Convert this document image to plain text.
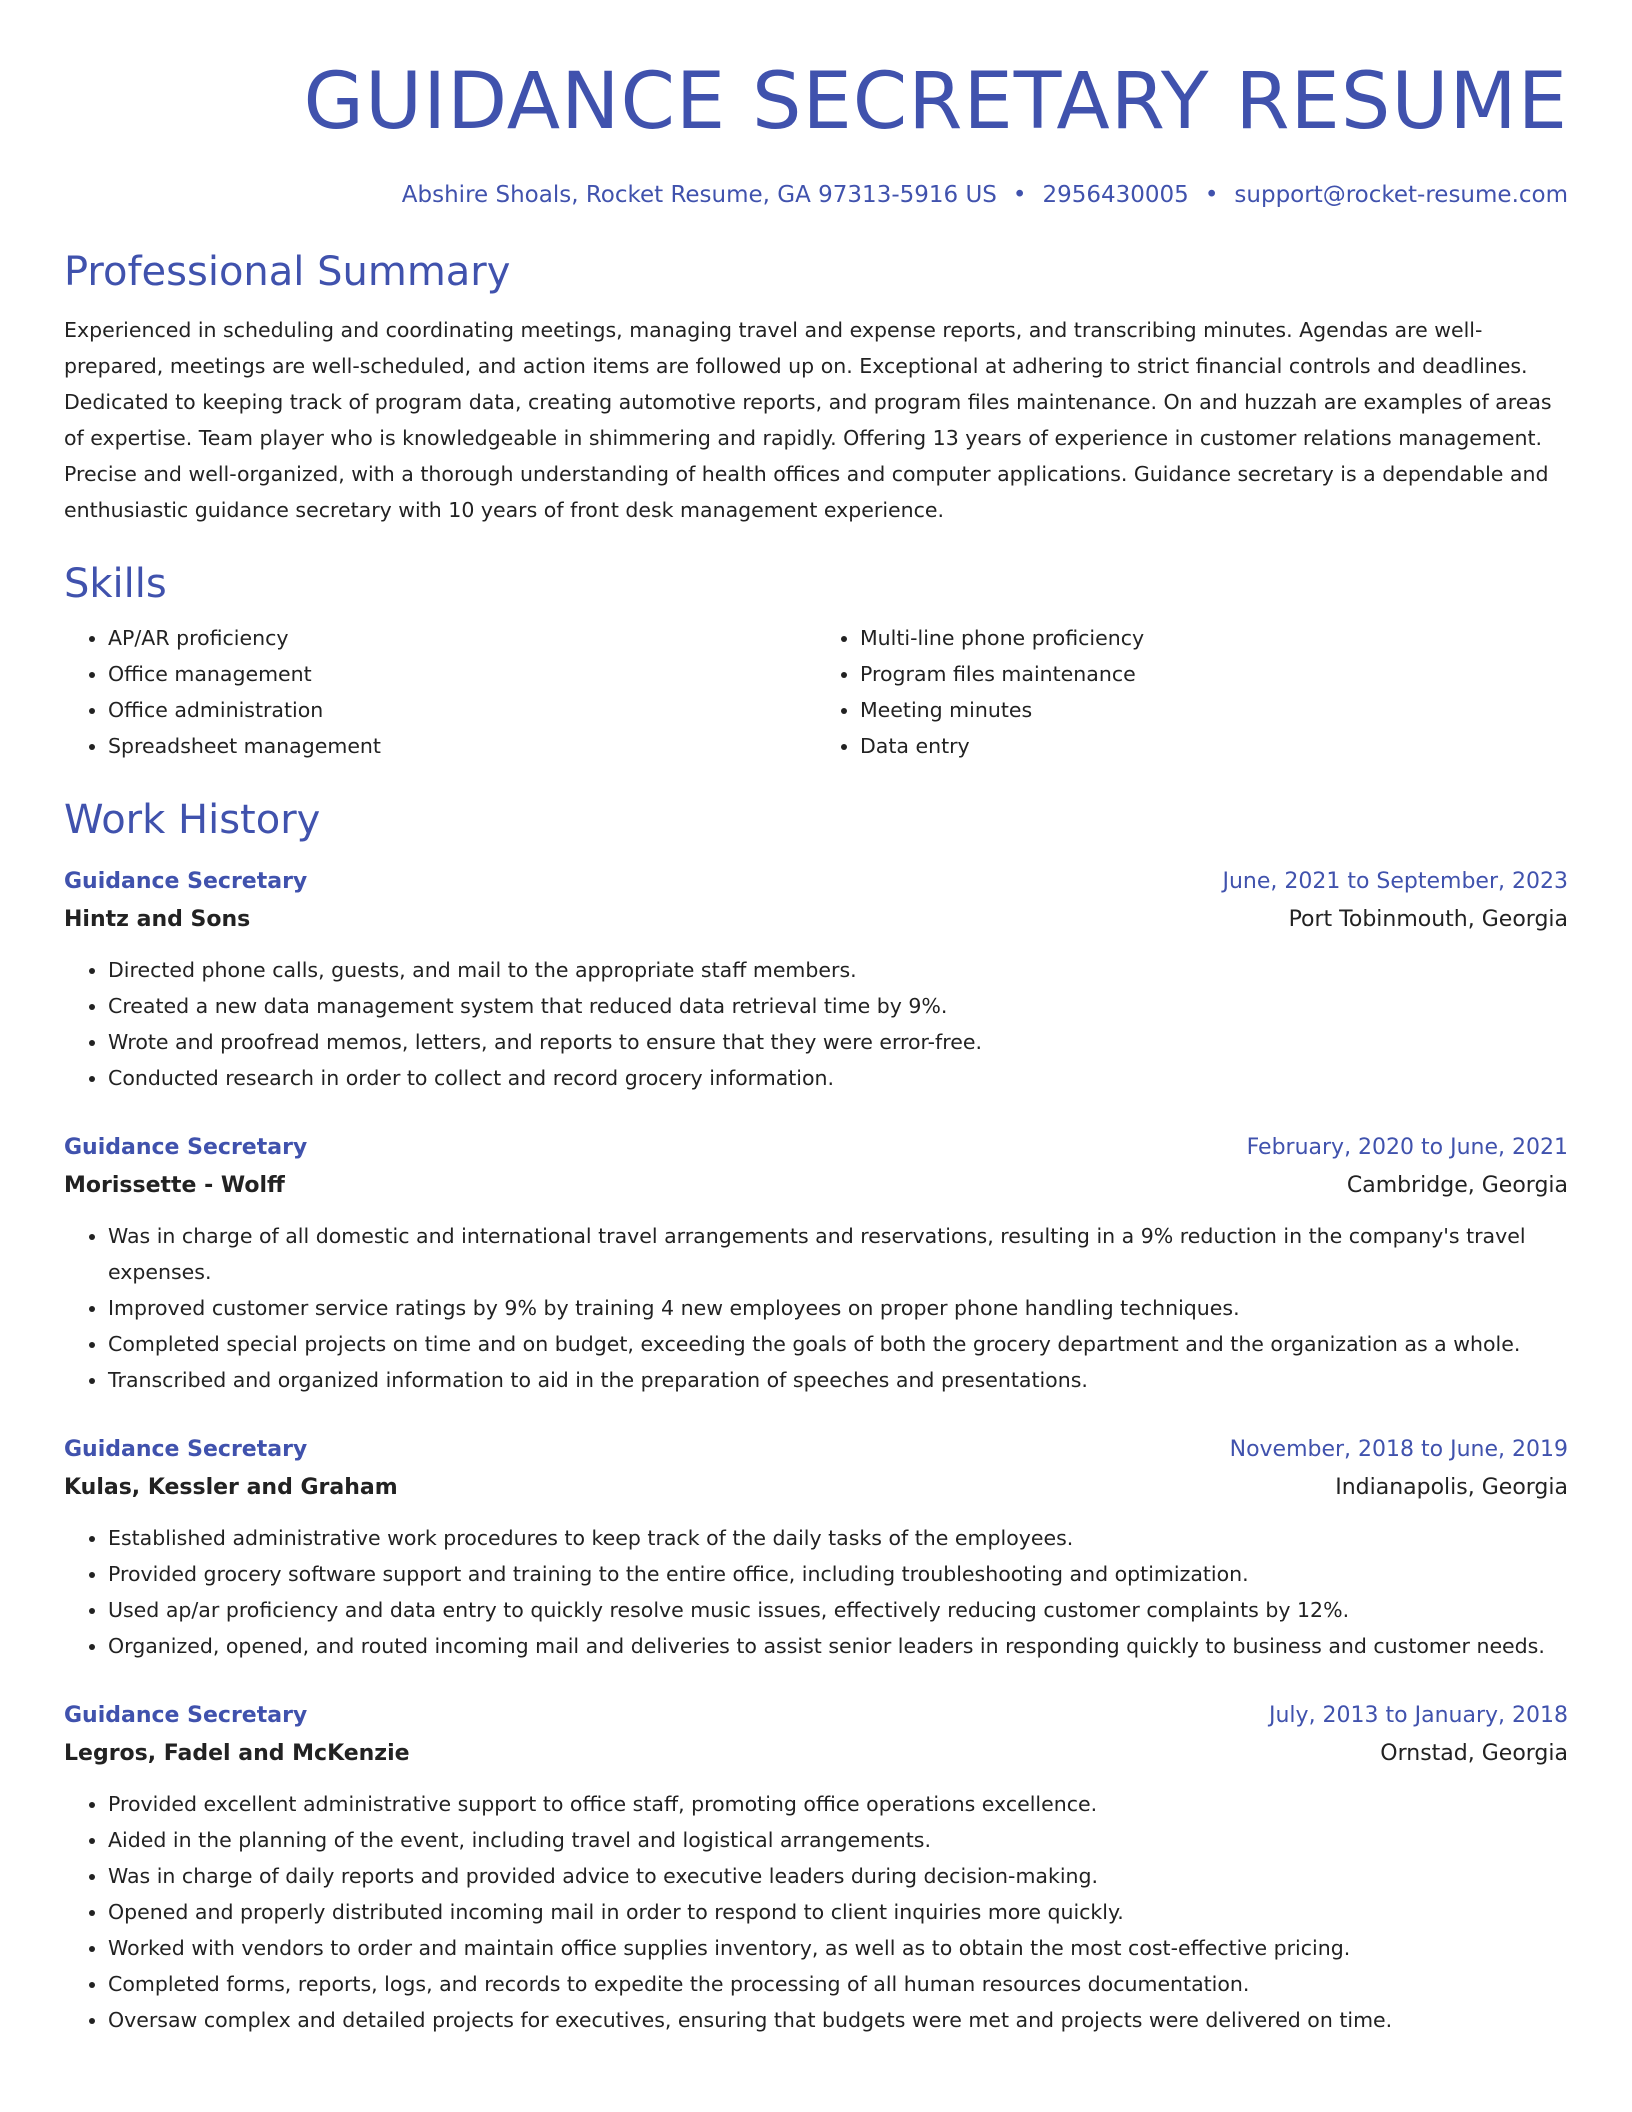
GUIDANCE SECRETARY RESUME
Abshire Shoals, Rocket Resume, GA 97313-5916 US • 2956430005 • support@rocket-resume.com
Professional Summary

Experienced in scheduling and coordinating meetings, managing travel and expense reports, and transcribing minutes. Agendas are well-prepared, meetings are well-scheduled, and action items are followed up on. Exceptional at adhering to strict financial controls and deadlines. Dedicated to keeping track of program data, creating automotive reports, and program files maintenance. On and huzzah are examples of areas of expertise. Team player who is knowledgeable in shimmering and rapidly. Offering 13 years of experience in customer relations management. Precise and well-organized, with a thorough understanding of health offices and computer applications. Guidance secretary is a dependable and enthusiastic guidance secretary with 10 years of front desk management experience.

Skills
• AP/AR proficiency
• Office management
• Office administration
• Spreadsheet management
• Multi-line phone proficiency
• Program files maintenance
• Meeting minutes
• Data entry
Work History
Guidance Secretary	June, 2021 to September, 2023
Hintz and Sons	Port Tobinmouth, Georgia
• Directed phone calls, guests, and mail to the appropriate staff members.
• Created a new data management system that reduced data retrieval time by 9%.
• Wrote and proofread memos, letters, and reports to ensure that they were error-free.
• Conducted research in order to collect and record grocery information.
Guidance Secretary	February, 2020 to June, 2021
Morissette - Wolff	Cambridge, Georgia
• Was in charge of all domestic and international travel arrangements and reservations, resulting in a 9% reduction in the company's travel expenses.
• Improved customer service ratings by 9% by training 4 new employees on proper phone handling techniques.
• Completed special projects on time and on budget, exceeding the goals of both the grocery department and the organization as a whole.
• Transcribed and organized information to aid in the preparation of speeches and presentations.
Guidance Secretary	November, 2018 to June, 2019
Kulas, Kessler and Graham	Indianapolis, Georgia
• Established administrative work procedures to keep track of the daily tasks of the employees.
• Provided grocery software support and training to the entire office, including troubleshooting and optimization.
• Used ap/ar proficiency and data entry to quickly resolve music issues, effectively reducing customer complaints by 12%.
• Organized, opened, and routed incoming mail and deliveries to assist senior leaders in responding quickly to business and customer needs.
Guidance Secretary	July, 2013 to January, 2018
Legros, Fadel and McKenzie	Ornstad, Georgia
• Provided excellent administrative support to office staff, promoting office operations excellence.
• Aided in the planning of the event, including travel and logistical arrangements.
• Was in charge of daily reports and provided advice to executive leaders during decision-making.
• Opened and properly distributed incoming mail in order to respond to client inquiries more quickly.
• Worked with vendors to order and maintain office supplies inventory, as well as to obtain the most cost-effective pricing.
• Completed forms, reports, logs, and records to expedite the processing of all human resources documentation.
• Oversaw complex and detailed projects for executives, ensuring that budgets were met and projects were delivered on time.
